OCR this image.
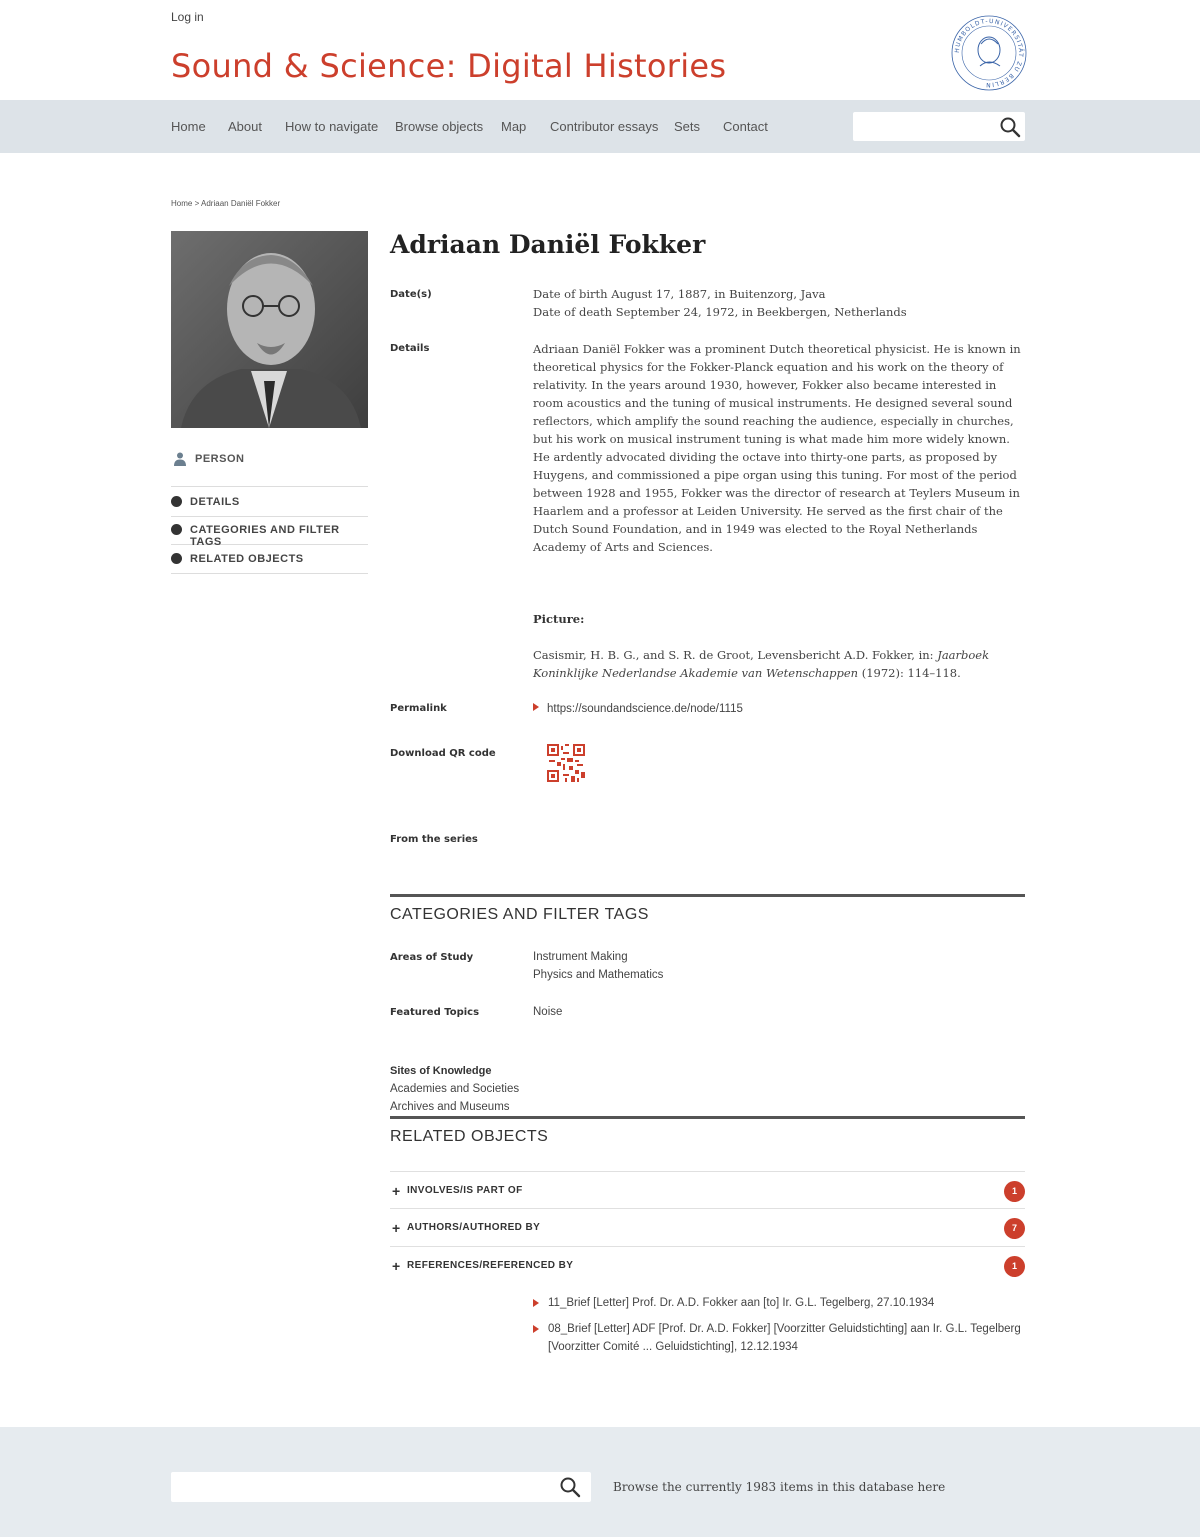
Log in
Sound & Science: Digital Histories	HUMBOLDT-UNIVERSITÄT ZU BERLIN
Home About How to navigate Browse objects Map Contributor essays Sets Contact
Home > Adriaan Daniël Fokker
PERSON
DETAILS
CATEGORIES AND FILTER TAGS
RELATED OBJECTS
Adriaan Daniël Fokker
Date(s)	Date of birth August 17, 1887, in Buitenzorg, Java
Date of death September 24, 1972, in Beekbergen, Netherlands
Details	Adriaan Daniël Fokker was a prominent Dutch theoretical physicist. He is known in theoretical physics for the Fokker-Planck equation and his work on the theory of relativity. In the years around 1930, however, Fokker also became interested in room acoustics and the tuning of musical instruments. He designed several sound reflectors, which amplify the sound reaching the audience, especially in churches, but his work on musical instrument tuning is what made him more widely known. He ardently advocated dividing the octave into thirty-one parts, as proposed by Huygens, and commissioned a pipe organ using this tuning. For most of the period between 1928 and 1955, Fokker was the director of research at Teylers Museum in Haarlem and a professor at Leiden University. He served as the first chair of the Dutch Sound Foundation, and in 1949 was elected to the Royal Netherlands Academy of Arts and Sciences.
Picture:
Casismir, H. B. G., and S. R. de Groot, Levensbericht A.D. Fokker, in: Jaarboek Koninklijke Nederlandse Akademie van Wetenschappen (1972): 114–118.
Permalink	https://soundandscience.de/node/1115
Download QR code
From the series
CATEGORIES AND FILTER TAGS
Areas of Study	Instrument Making
Physics and Mathematics
Featured Topics	Noise
Sites of Knowledge
Academies and Societies
Archives and Museums
RELATED OBJECTS
+ INVOLVES/IS PART OF	1
+ AUTHORS/AUTHORED BY	7
+ REFERENCES/REFERENCED BY	1
11_Brief [Letter] Prof. Dr. A.D. Fokker aan [to] Ir. G.L. Tegelberg, 27.10.1934
08_Brief [Letter] ADF [Prof. Dr. A.D. Fokker] [Voorzitter Geluidstichting] aan Ir. G.L. Tegelberg [Voorzitter Comité ... Geluidstichting], 12.12.1934
Browse the currently 1983 items in this database here
